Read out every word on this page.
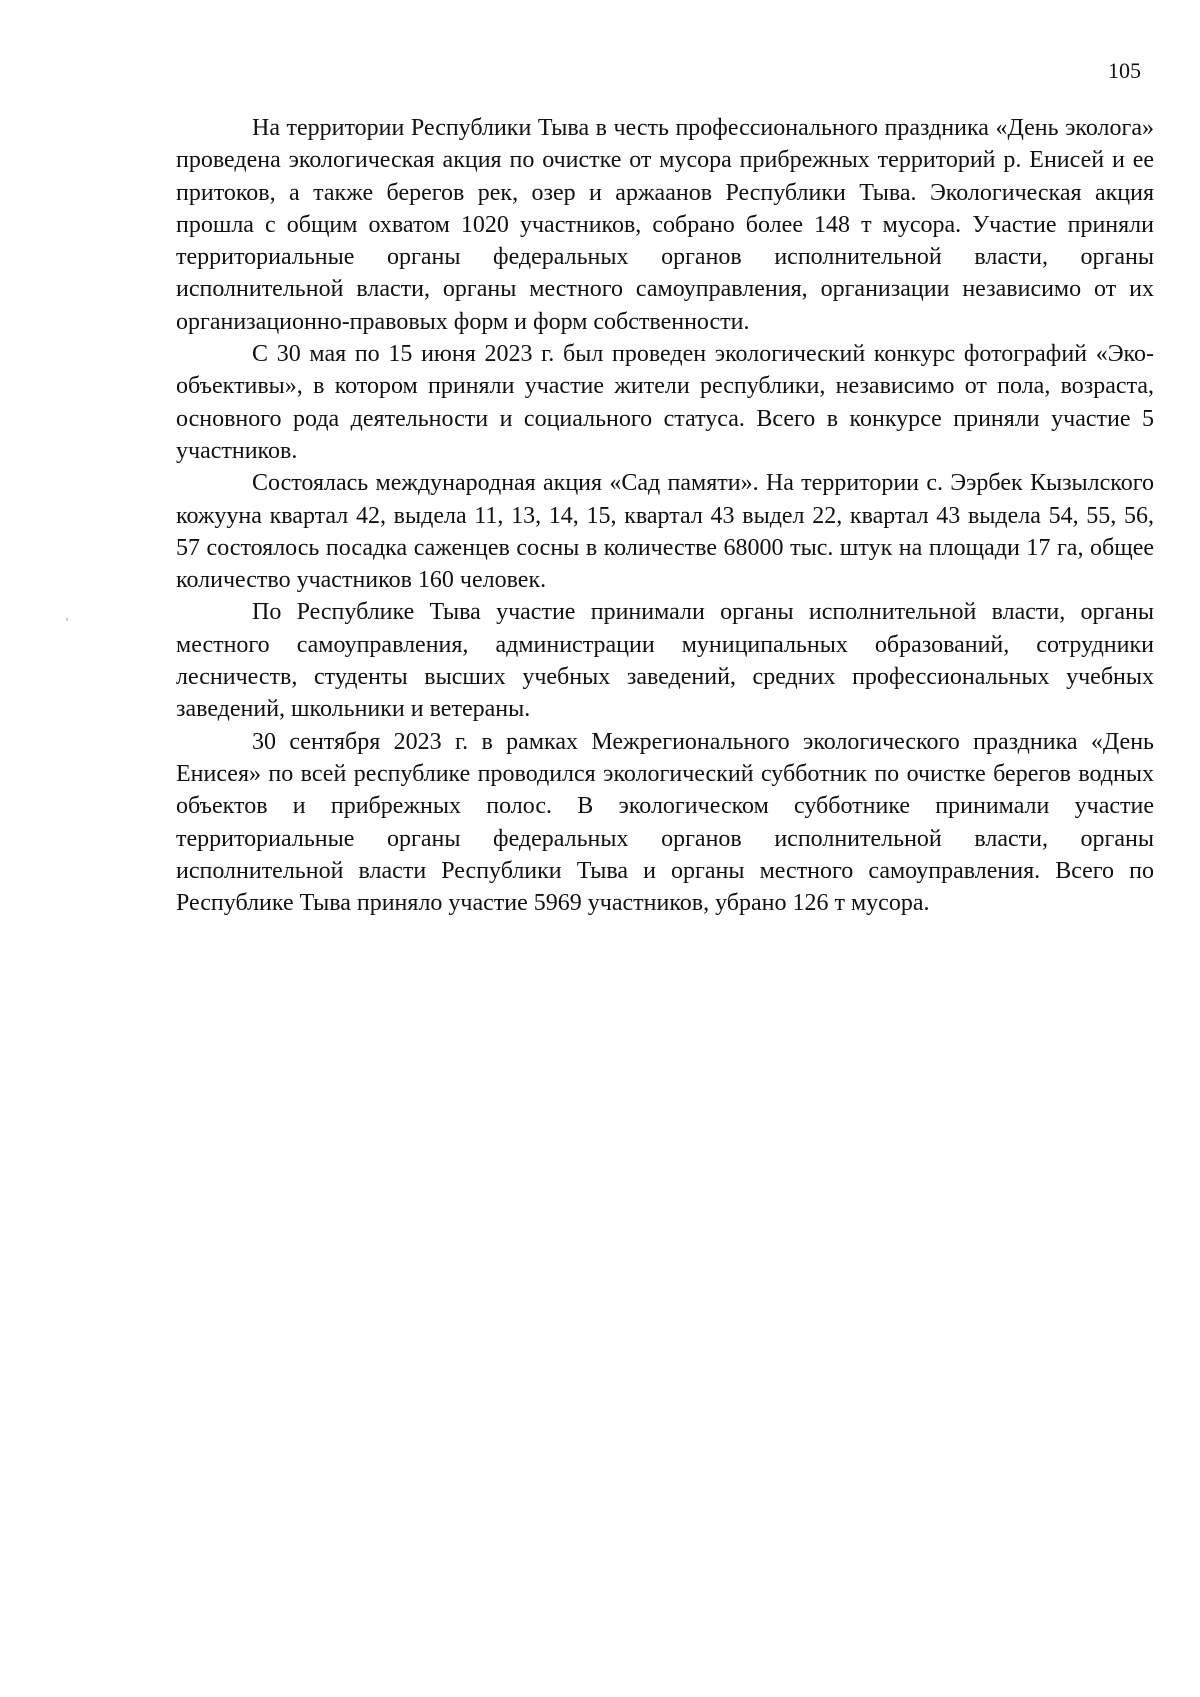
105

На территории Республики Тыва в честь профессионального праздника «День эколога» проведена экологическая акция по очистке от мусора прибрежных территорий р. Енисей и ее притоков, а также берегов рек, озер и аржаанов Республики Тыва. Экологическая акция прошла с общим охватом 1020 участников, собрано более 148 т мусора. Участие приняли территориальные органы федеральных органов исполнительной власти, органы исполнительной власти, органы местного самоуправления, организации независимо от их организационно-правовых форм и форм собственности.

С 30 мая по 15 июня 2023 г. был проведен экологический конкурс фотографий «Эко-объективы», в котором приняли участие жители республики, независимо от пола, возраста, основного рода деятельности и социального статуса. Всего в конкурсе приняли участие 5 участников.

Состоялась международная акция «Сад памяти». На территории с. Ээрбек Кызылского кожууна квартал 42, выдела 11, 13, 14, 15, квартал 43 выдел 22, квартал 43 выдела 54, 55, 56, 57 состоялось посадка саженцев сосны в количестве 68000 тыс. штук на площади 17 га, общее количество участников 160 человек.

По Республике Тыва участие принимали органы исполнительной власти, органы местного самоуправления, администрации муниципальных образований, сотрудники лесничеств, студенты высших учебных заведений, средних профессиональных учебных заведений, школьники и ветераны.

30 сентября 2023 г. в рамках Межрегионального экологического праздника «День Енисея» по всей республике проводился экологический субботник по очистке берегов водных объектов и прибрежных полос. В экологическом субботнике принимали участие территориальные органы федеральных органов исполнительной власти, органы исполнительной власти Республики Тыва и органы местного самоуправления. Всего по Республике Тыва приняло участие 5969 участников, убрано 126 т мусора.
